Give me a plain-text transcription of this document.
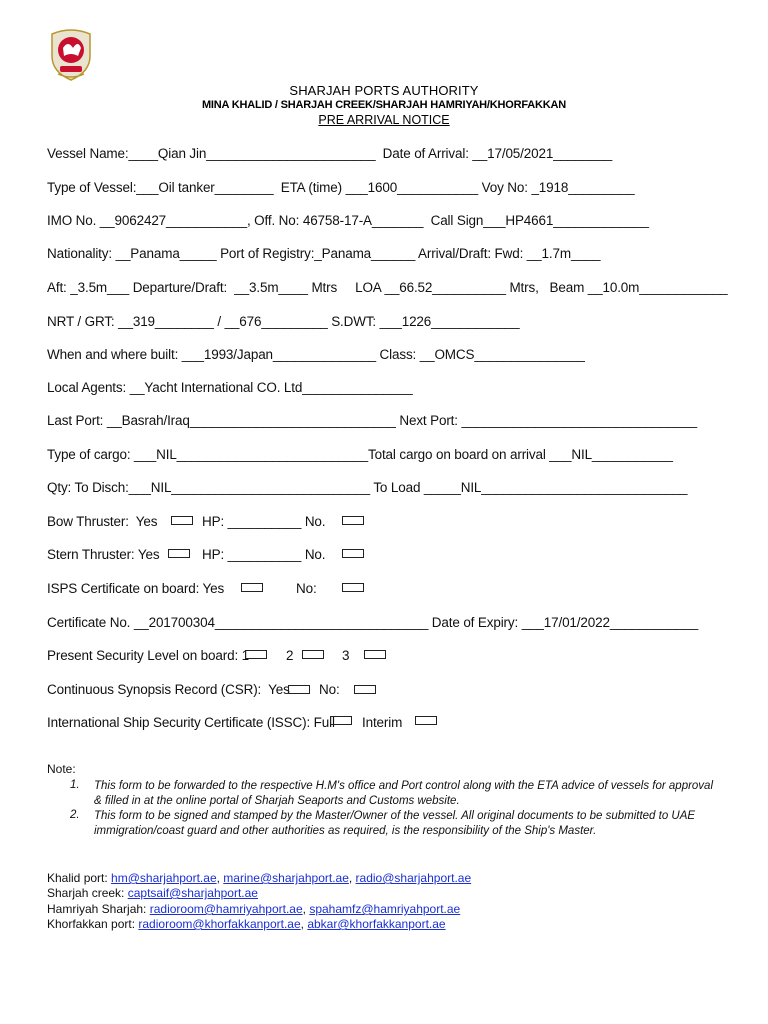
SHARJAH PORTS AUTHORITY
MINA KHALID / SHARJAH CREEK/SHARJAH HAMRIYAH/KHORFAKKAN
PRE ARRIVAL NOTICE
Vessel Name:____Qian Jin_______________________  Date of Arrival: __17/05/2021________
Type of Vessel:___Oil tanker________  ETA (time) ___1600___________ Voy No: _1918_________
IMO No. __9062427___________, Off. No: 46758-17-A_______  Call Sign___HP4661_____________
Nationality: __Panama_____ Port of Registry:_Panama______ Arrival/Draft: Fwd: __1.7m____
Aft: _3.5m___ Departure/Draft:  __3.5m____ Mtrs     LOA __66.52__________ Mtrs,   Beam __10.0m____________
NRT / GRT: __319________ / __676_________ S.DWT: ___1226____________
When and where built: ___1993/Japan______________ Class: __OMCS_______________
Local Agents: __Yacht International CO. Ltd_______________
Last Port: __Basrah/Iraq____________________________ Next Port: ________________________________
Type of cargo: ___NIL__________________________Total cargo on board on arrival ___NIL___________
Qty: To Disch:___NIL___________________________ To Load _____NIL____________________________
Bow Thruster:  Yes	HP: __________ No.
Stern Thruster: Yes	HP: __________ No.
ISPS Certificate on board: Yes	No:
Certificate No. __201700304_____________________________ Date of Expiry: ___17/01/2022____________
Present Security Level on board: 1	2	3
Continuous Synopsis Record (CSR):  Yes No:
International Ship Security Certificate (ISSC): Full Interim
Note:
1. This form to be forwarded to the respective H.M's office and Port control along with the ETA advice of vessels for approval & filled in at the online portal of Sharjah Seaports and Customs website.
2. This form to be signed and stamped by the Master/Owner of the vessel. All original documents to be submitted to UAE immigration/coast guard and other authorities as required, is the responsibility of the Ship's Master.
Khalid port: hm@sharjahport.ae, marine@sharjahport.ae, radio@sharjahport.ae
Sharjah creek: captsaif@sharjahport.ae
Hamriyah Sharjah: radioroom@hamriyahport.ae, spahamfz@hamriyahport.ae
Khorfakkan port: radioroom@khorfakkanport.ae, abkar@khorfakkanport.ae
